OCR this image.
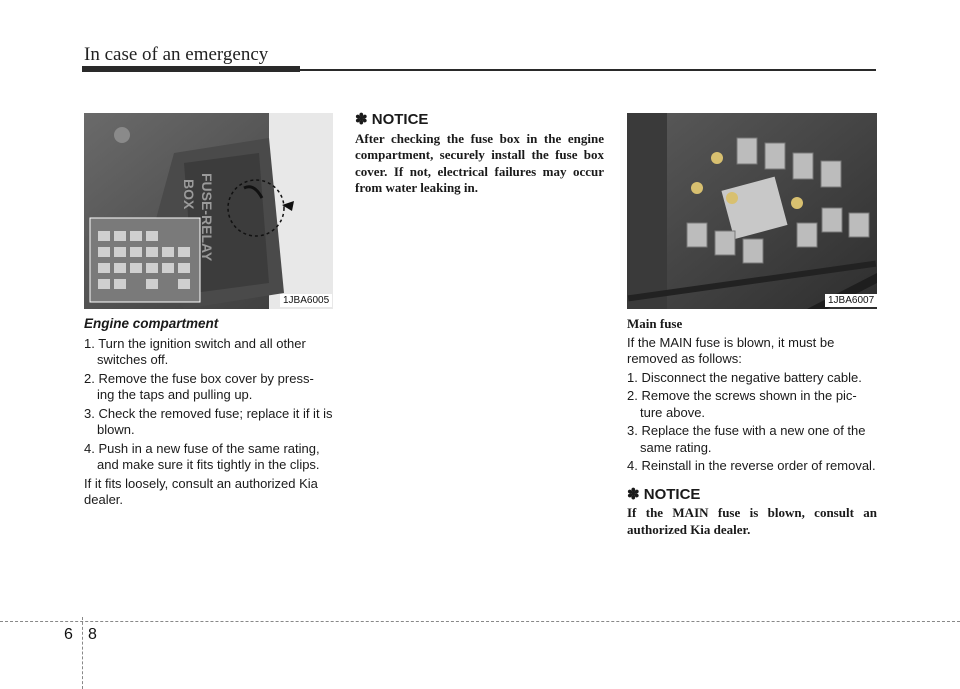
In case of an emergency
FUSE-RELAY
BOX
1JBA6005	1JBA6007
Engine compartment
1. Turn the ignition switch and all other switches off.
2. Remove the fuse box cover by press- ing the taps and pulling up.
3. Check the removed fuse; replace it if it is blown.
4. Push in a new fuse of the same rating, and make sure it fits tightly in the clips.

If it fits loosely, consult an authorized Kia dealer.

✽ NOTICE
After checking the fuse box in the engine compartment, securely install the fuse box cover. If not, electrical failures may occur from water leaking in.
Main fuse

If the MAIN fuse is blown, it must be removed as follows:

1. Disconnect the negative battery cable.
2. Remove the screws shown in the pic- ture above.
3. Replace the fuse with a new one of the same rating.
4. Reinstall in the reverse order of removal.
✽ NOTICE
If the MAIN fuse is blown, consult an authorized Kia dealer.
6 8
